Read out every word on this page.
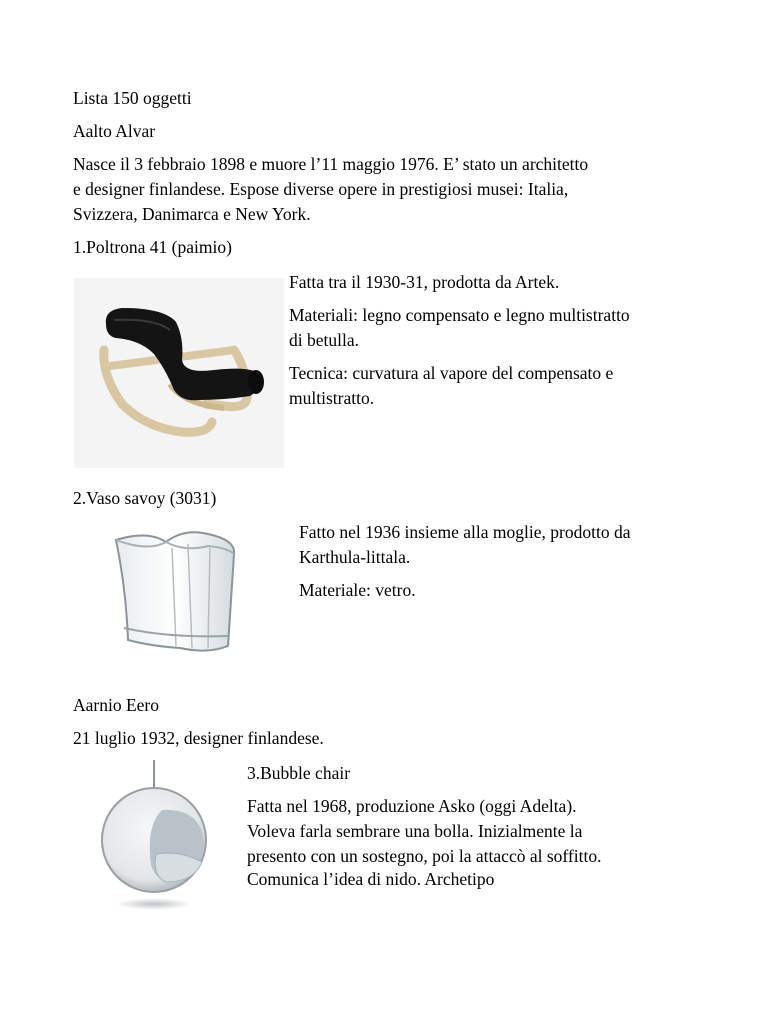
Lista 150 oggetti
Aalto Alvar
Nasce il 3 febbraio 1898 e muore l’11 maggio 1976. E’ stato un architetto
e designer finlandese. Espose diverse opere in prestigiosi musei: Italia,
Svizzera, Danimarca e New York.
1.Poltrona 41 (paimio)
Fatta tra il 1930-31, prodotta da Artek.
Materiali: legno compensato e legno multistratto
di betulla.
Tecnica: curvatura al vapore del compensato e
multistratto.
2.Vaso savoy (3031)
Fatto nel 1936 insieme alla moglie, prodotto da
Karthula-littala.
Materiale: vetro.
Aarnio Eero
21 luglio 1932, designer finlandese.
3.Bubble chair
Fatta nel 1968, produzione Asko (oggi Adelta).
Voleva farla sembrare una bolla. Inizialmente la
presento con un sostegno, poi la attaccò al soffitto.
Comunica l’idea di nido. Archetipo
